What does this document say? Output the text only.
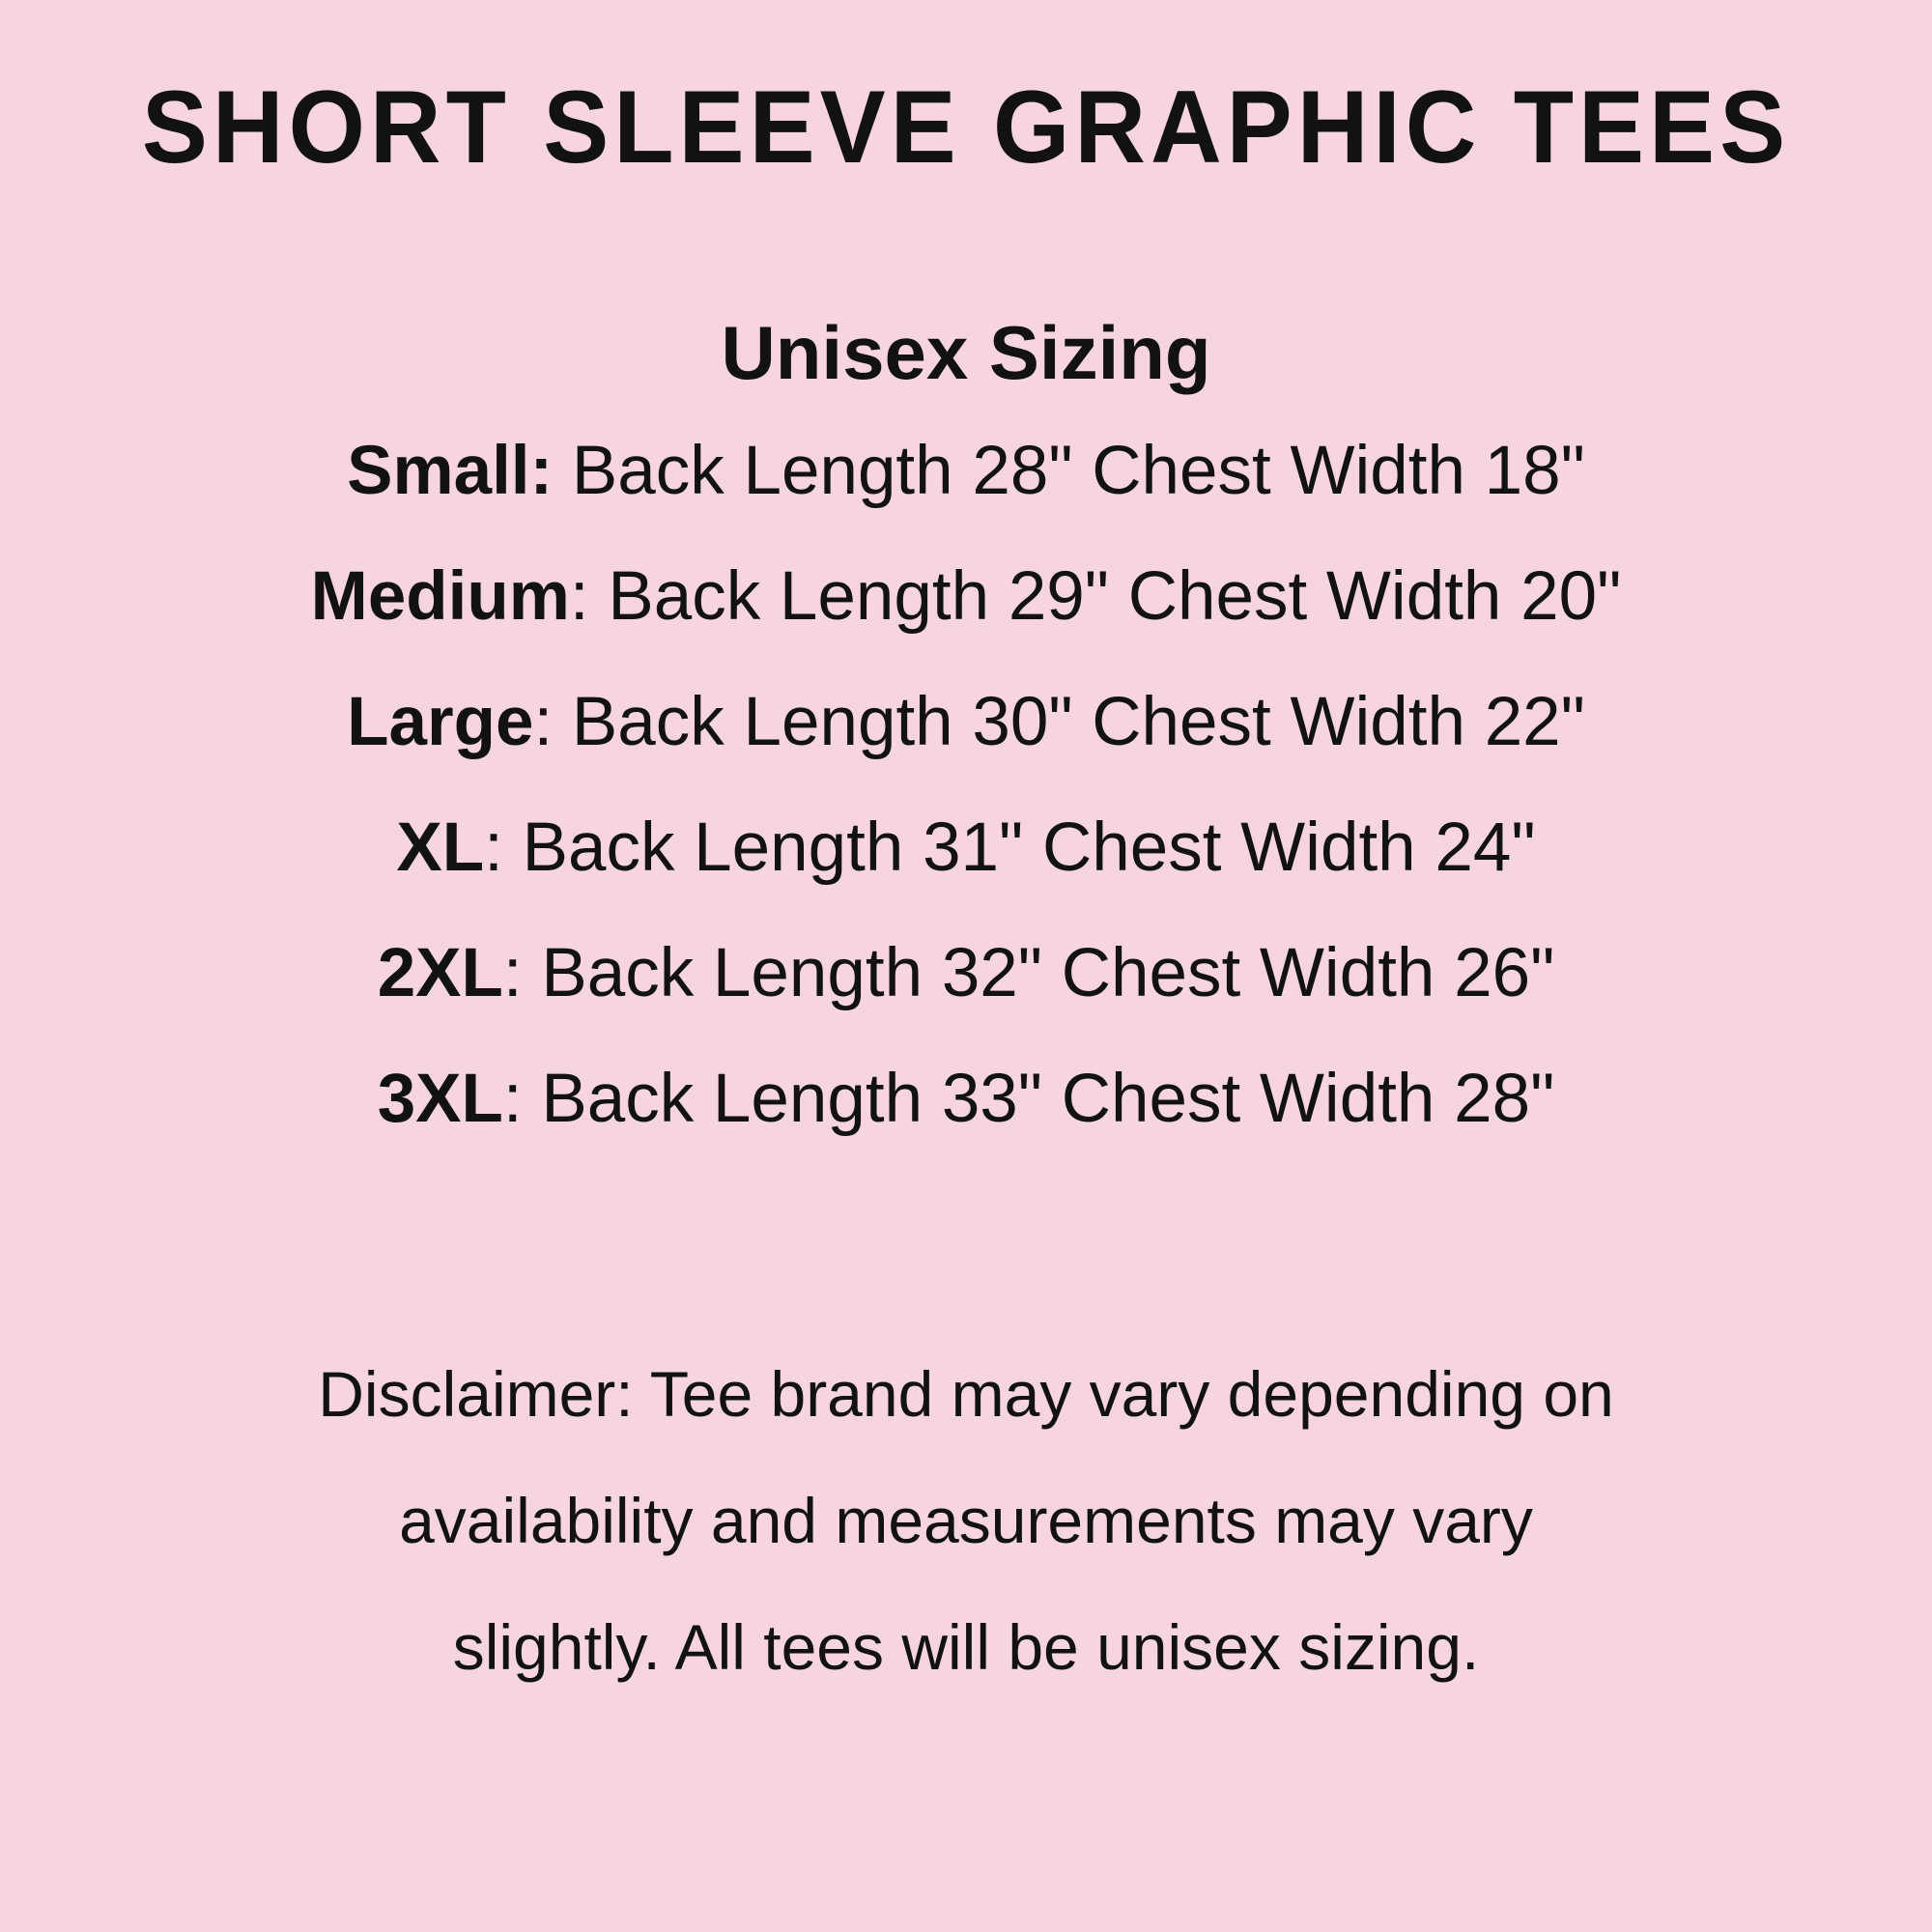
SHORT SLEEVE GRAPHIC TEES
Unisex Sizing
Small: Back Length 28" Chest Width 18"
Medium: Back Length 29" Chest Width 20"
Large: Back Length 30" Chest Width 22"
XL: Back Length 31" Chest Width 24"
2XL: Back Length 32" Chest Width 26"
3XL: Back Length 33" Chest Width 28"
Disclaimer: Tee brand may vary depending on
availability and measurements may vary
slightly. All tees will be unisex sizing.
